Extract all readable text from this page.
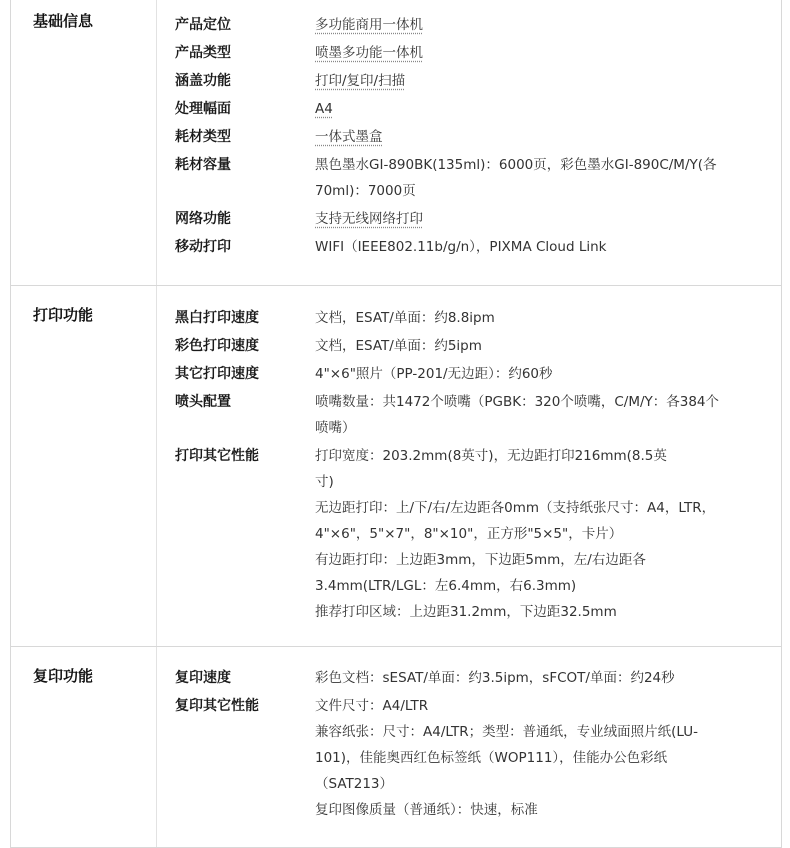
基础信息	产品定位	多功能商用一体机
产品类型	喷墨多功能一体机
涵盖功能	打印/复印/扫描
处理幅面	A4
耗材类型	一体式墨盒
耗材容量	黑色墨水GI-890BK(135ml)：6000页，彩色墨水GI-890C/M/Y(各
70ml)：7000页
网络功能	支持无线网络打印
移动打印	WIFI（IEEE802.11b/g/n），PIXMA Cloud Link
打印功能	黑白打印速度	文档，ESAT/单面：约8.8ipm
彩色打印速度	文档，ESAT/单面：约5ipm
其它打印速度	4"×6"照片（PP-201/无边距）：约60秒
喷头配置	喷嘴数量：共1472个喷嘴（PGBK：320个喷嘴，C/M/Y：各384个
喷嘴）
打印其它性能	打印宽度：203.2mm(8英寸)，无边距打印216mm(8.5英
寸)
无边距打印：上/下/右/左边距各0mm（支持纸张尺寸：A4，LTR，
4"×6"，5"×7"，8"×10"，正方形"5×5"，卡片）
有边距打印：上边距3mm，下边距5mm，左/右边距各
3.4mm(LTR/LGL：左6.4mm，右6.3mm)
推荐打印区域：上边距31.2mm，下边距32.5mm
复印功能	复印速度	彩色文档：sESAT/单面：约3.5ipm，sFCOT/单面：约24秒
复印其它性能	文件尺寸：A4/LTR
兼容纸张：尺寸：A4/LTR；类型：普通纸，专业绒面照片纸(LU-
101)，佳能奥西红色标签纸（WOP111），佳能办公色彩纸
（SAT213）
复印图像质量（普通纸）：快速，标准
